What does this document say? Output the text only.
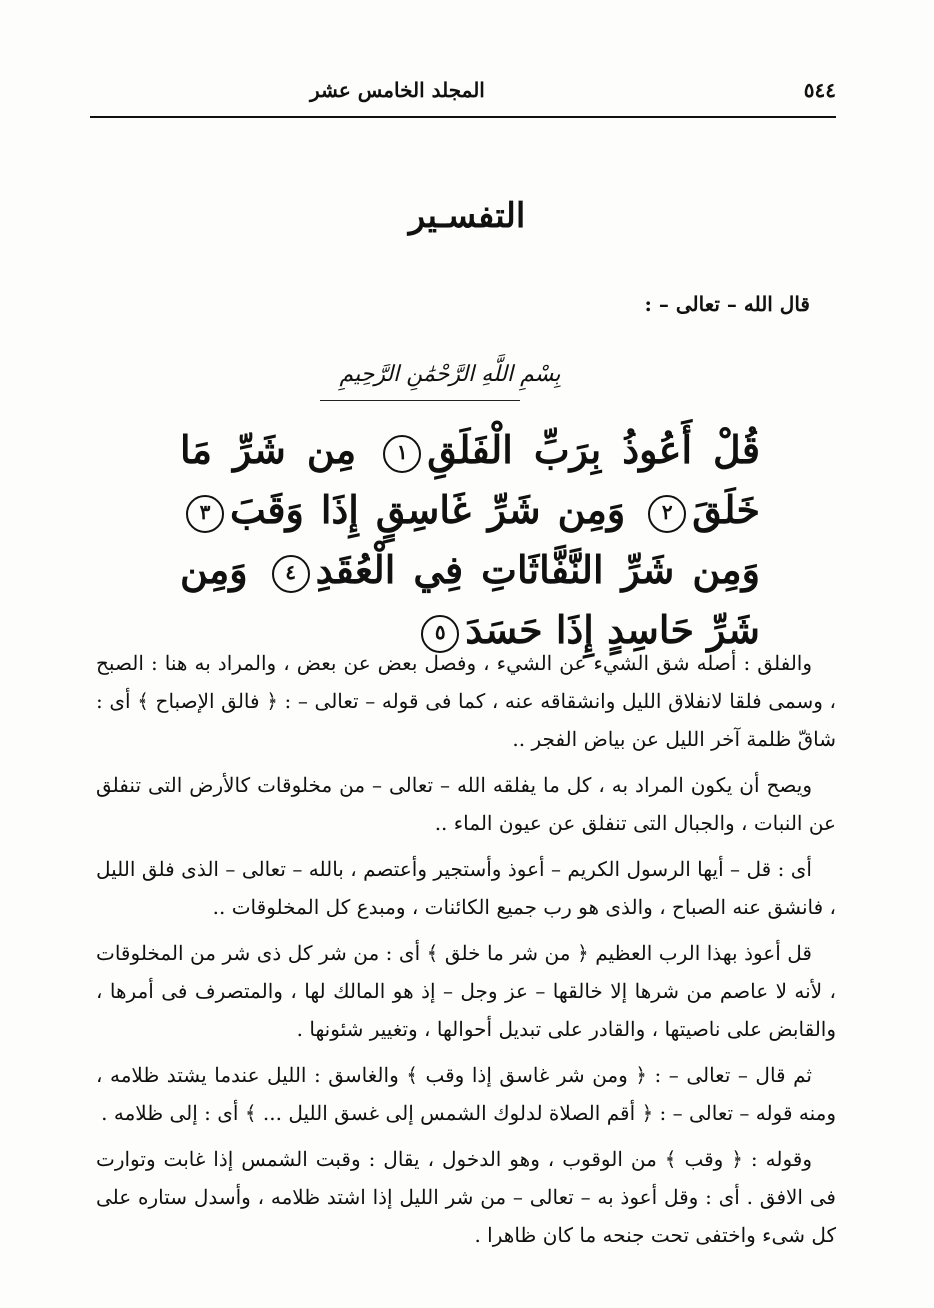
٥٤٤
المجلد الخامس عشر
التفسـير
قال الله – تعالى – :
بِسْمِ اللَّهِ الرَّحْمَٰنِ الرَّحِيمِ
قُلْ أَعُوذُ بِرَبِّ الْفَلَقِ١ مِن شَرِّ مَا خَلَقَ٢ وَمِن شَرِّ غَاسِقٍ إِذَا وَقَبَ٣ وَمِن شَرِّ النَّفَّاثَاتِ فِي الْعُقَدِ٤ وَمِن شَرِّ حَاسِدٍ إِذَا حَسَدَ٥

والفلق : أصله شق الشيء عن الشيء ، وفصل بعض عن بعض ، والمراد به هنا : الصبح ، وسمى فلقا لانفلاق الليل وانشقاقه عنه ، كما فى قوله – تعالى – : ﴿ فالق الإصباح ﴾ أى : شاقّ ظلمة آخر الليل عن بياض الفجر ..

ويصح أن يكون المراد به ، كل ما يفلقه الله – تعالى – من مخلوقات كالأرض التى تنفلق عن النبات ، والجبال التى تنفلق عن عيون الماء ..

أى : قل – أيها الرسول الكريم – أعوذ وأستجير وأعتصم ، بالله – تعالى – الذى فلق الليل ، فانشق عنه الصباح ، والذى هو رب جميع الكائنات ، ومبدع كل المخلوقات ..

قل أعوذ بهذا الرب العظيم ﴿ من شر ما خلق ﴾ أى : من شر كل ذى شر من المخلوقات ، لأنه لا عاصم من شرها إلا خالقها – عز وجل – إذ هو المالك لها ، والمتصرف فى أمرها ، والقابض على ناصيتها ، والقادر على تبديل أحوالها ، وتغيير شئونها .

ثم قال – تعالى – : ﴿ ومن شر غاسق إذا وقب ﴾ والغاسق : الليل عندما يشتد ظلامه ، ومنه قوله – تعالى – : ﴿ أقم الصلاة لدلوك الشمس إلى غسق الليل ... ﴾ أى : إلى ظلامه .

وقوله : ﴿ وقب ﴾ من الوقوب ، وهو الدخول ، يقال : وقبت الشمس إذا غابت وتوارت فى الافق . أى : وقل أعوذ به – تعالى – من شر الليل إذا اشتد ظلامه ، وأسدل ستاره على كل شىء واختفى تحت جنحه ما كان ظاهرا .
